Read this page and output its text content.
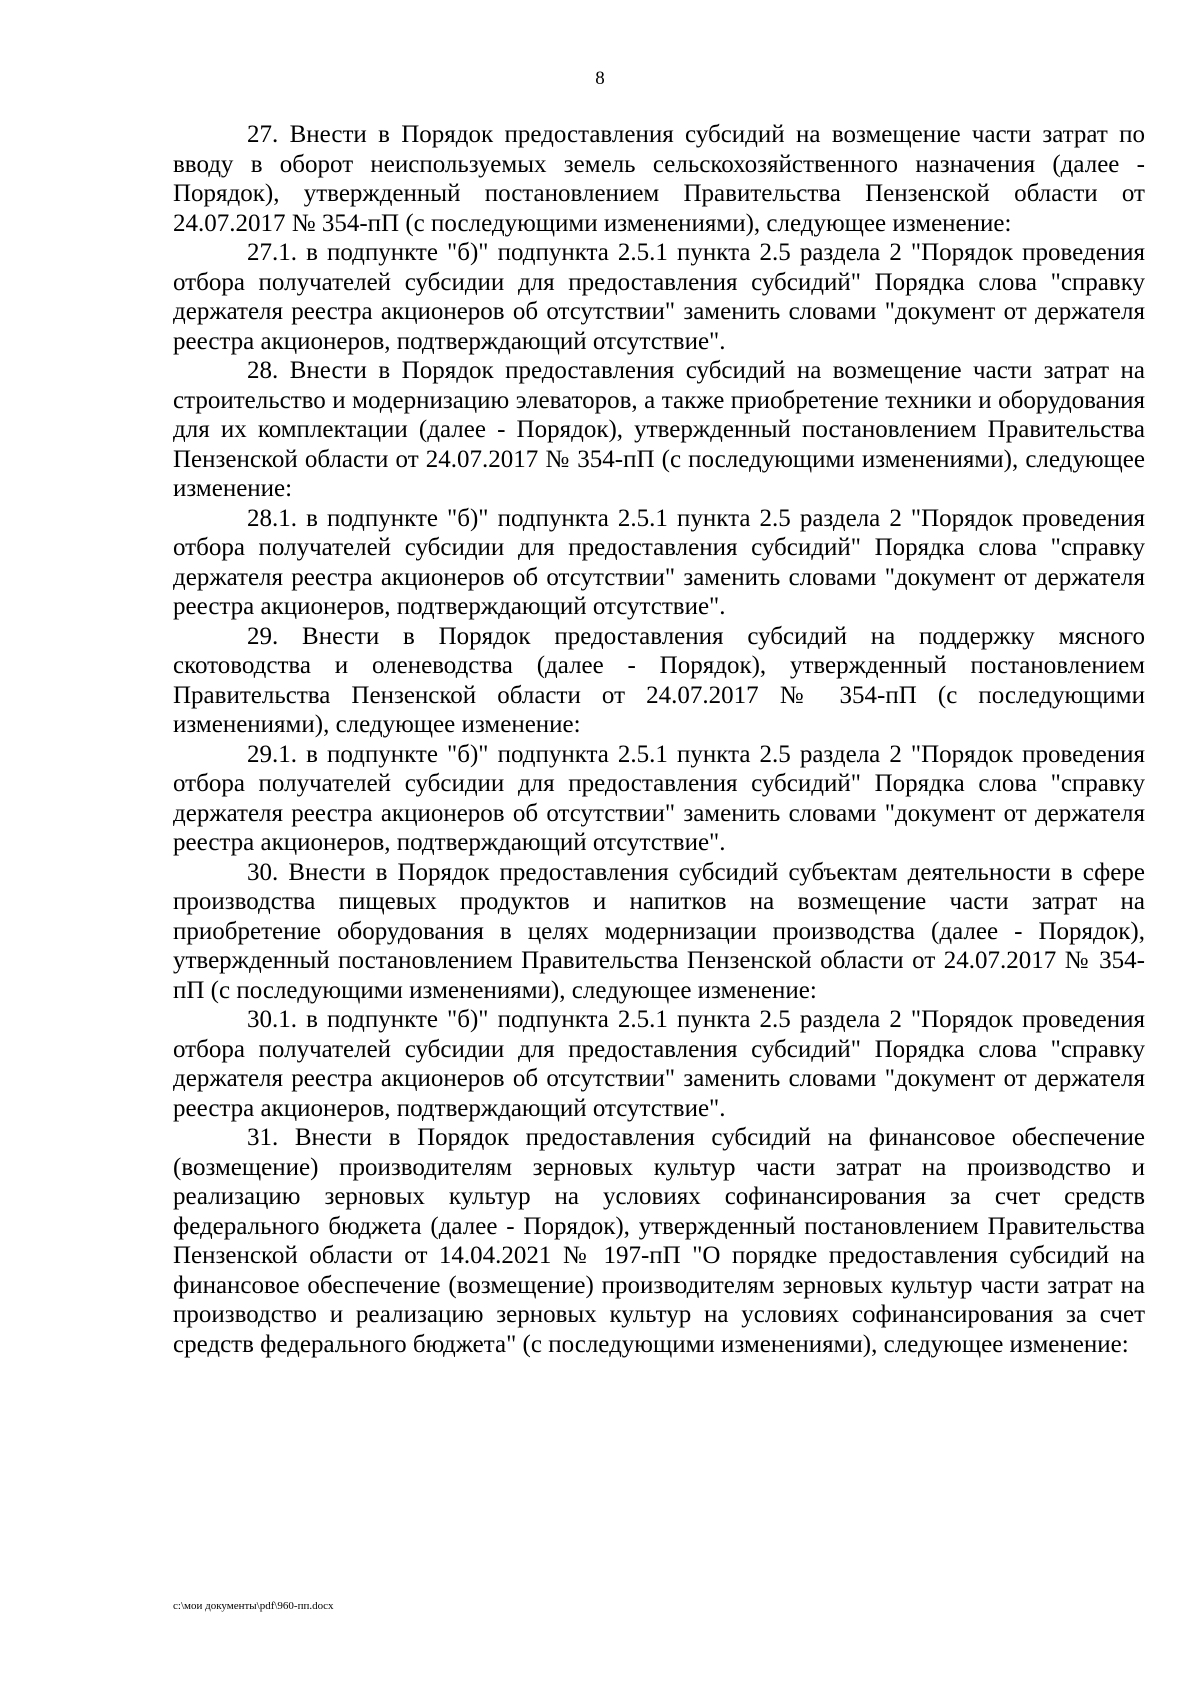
8

27. Внести в Порядок предоставления субсидий на возмещение части затрат по вводу в оборот неиспользуемых земель сельскохозяйственного назначения (далее - Порядок), утвержденный постановлением Правительства Пензенской области от 24.07.2017 № 354-пП (с последующими изменениями), следующее изменение:

27.1. в подпункте "б)" подпункта 2.5.1 пункта 2.5 раздела 2 "Порядок проведения отбора получателей субсидии для предоставления субсидий" Порядка слова "справку держателя реестра акционеров об отсутствии" заменить словами "документ от держателя реестра акционеров, подтверждающий отсутствие".

28. Внести в Порядок предоставления субсидий на возмещение части затрат на строительство и модернизацию элеваторов, а также приобретение техники и оборудования для их комплектации (далее - Порядок), утвержденный постановлением Правительства Пензенской области от 24.07.2017 № 354-пП (с последующими изменениями), следующее изменение:

28.1. в подпункте "б)" подпункта 2.5.1 пункта 2.5 раздела 2 "Порядок проведения отбора получателей субсидии для предоставления субсидий" Порядка слова "справку держателя реестра акционеров об отсутствии" заменить словами "документ от держателя реестра акционеров, подтверждающий отсутствие".

29. Внести в Порядок предоставления субсидий на поддержку мясного скотоводства и оленеводства (далее - Порядок), утвержденный постановлением Правительства Пензенской области от 24.07.2017 № 354-пП (с последующими изменениями), следующее изменение:

29.1. в подпункте "б)" подпункта 2.5.1 пункта 2.5 раздела 2 "Порядок проведения отбора получателей субсидии для предоставления субсидий" Порядка слова "справку держателя реестра акционеров об отсутствии" заменить словами "документ от держателя реестра акционеров, подтверждающий отсутствие".

30. Внести в Порядок предоставления субсидий субъектам деятельности в сфере производства пищевых продуктов и напитков на возмещение части затрат на приобретение оборудования в целях модернизации производства (далее - Порядок), утвержденный постановлением Правительства Пензенской области от 24.07.2017 № 354-пП (с последующими изменениями), следующее изменение:

30.1. в подпункте "б)" подпункта 2.5.1 пункта 2.5 раздела 2 "Порядок проведения отбора получателей субсидии для предоставления субсидий" Порядка слова "справку держателя реестра акционеров об отсутствии" заменить словами "документ от держателя реестра акционеров, подтверждающий отсутствие".

31. Внести в Порядок предоставления субсидий на финансовое обеспечение (возмещение) производителям зерновых культур части затрат на производство и реализацию зерновых культур на условиях софинансирования за счет средств федерального бюджета (далее - Порядок), утвержденный постановлением Правительства Пензенской области от 14.04.2021 № 197-пП "О порядке предоставления субсидий на финансовое обеспечение (возмещение) производителям зерновых культур части затрат на производство и реализацию зерновых культур на условиях софинансирования за счет средств федерального бюджета" (с последующими изменениями), следующее изменение:

c:\мои документы\pdf\960-пп.docx
